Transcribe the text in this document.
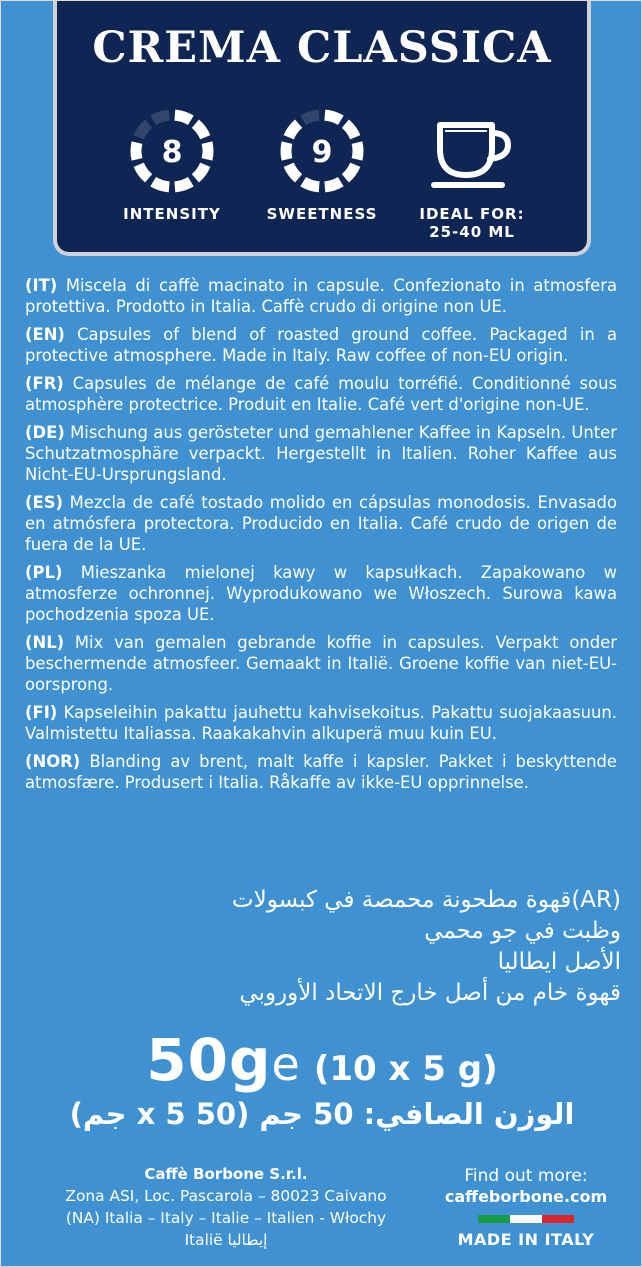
CREMA CLASSICA
8
INTENSITY
9
SWEETNESS	IDEAL FOR:
25-40 ML

(IT) Miscela di caffè macinato in capsule. Confezionato in atmosfera protettiva. Prodotto in Italia. Caffè crudo di origine non UE.

(EN) Capsules of blend of roasted ground coffee. Packaged in a protective atmosphere. Made in Italy. Raw coffee of non-EU origin.

(FR) Capsules de mélange de café moulu torréfié. Conditionné sous atmosphère protectrice. Produit en Italie. Café vert d'origine non-UE.

(DE) Mischung aus gerösteter und gemahlener Kaffee in Kapseln. Unter Schutzatmosphäre verpackt. Hergestellt in Italien. Roher Kaffee aus Nicht-EU-Ursprungsland.

(ES) Mezcla de café tostado molido en cápsulas monodosis. Envasado en atmósfera protectora. Producido en Italia. Café crudo de origen de fuera de la UE.

(PL) Mieszanka mielonej kawy w kapsułkach. Zapakowano w atmosferze ochronnej. Wyprodukowano we Włoszech. Surowa kawa pochodzenia spoza UE.

(NL) Mix van gemalen gebrande koffie in capsules. Verpakt onder beschermende atmosfeer. Gemaakt in Italië. Groene koffie van niet-EU-oorsprong.

(FI) Kapseleihin pakattu jauhettu kahvisekoitus. Pakattu suojakaasuun. Valmistettu Italiassa. Raakakahvin alkuperä muu kuin EU.

(NOR) Blanding av brent, malt kaffe i kapsler. Pakket i beskyttende atmosfære. Produsert i Italia. Råkaffe av ikke-EU opprinnelse.

(AR)قهوة مطحونة محمصة في كبسولات
وظبت في جو محمي
الأصل ايطاليا
قهوة خام من أصل خارج الاتحاد الأوروبي
50ge (10 x 5 g)
الوزن الصافي: 50 جم (50 x 5 جم)
Caffè Borbone S.r.l.
Zona ASI, Loc. Pascarola – 80023 Caivano
(NA) Italia – Italy – Italie – Italien - Włochy
Italië إيطاليا
Find out more:
caffeborbone.com
MADE IN ITALY
